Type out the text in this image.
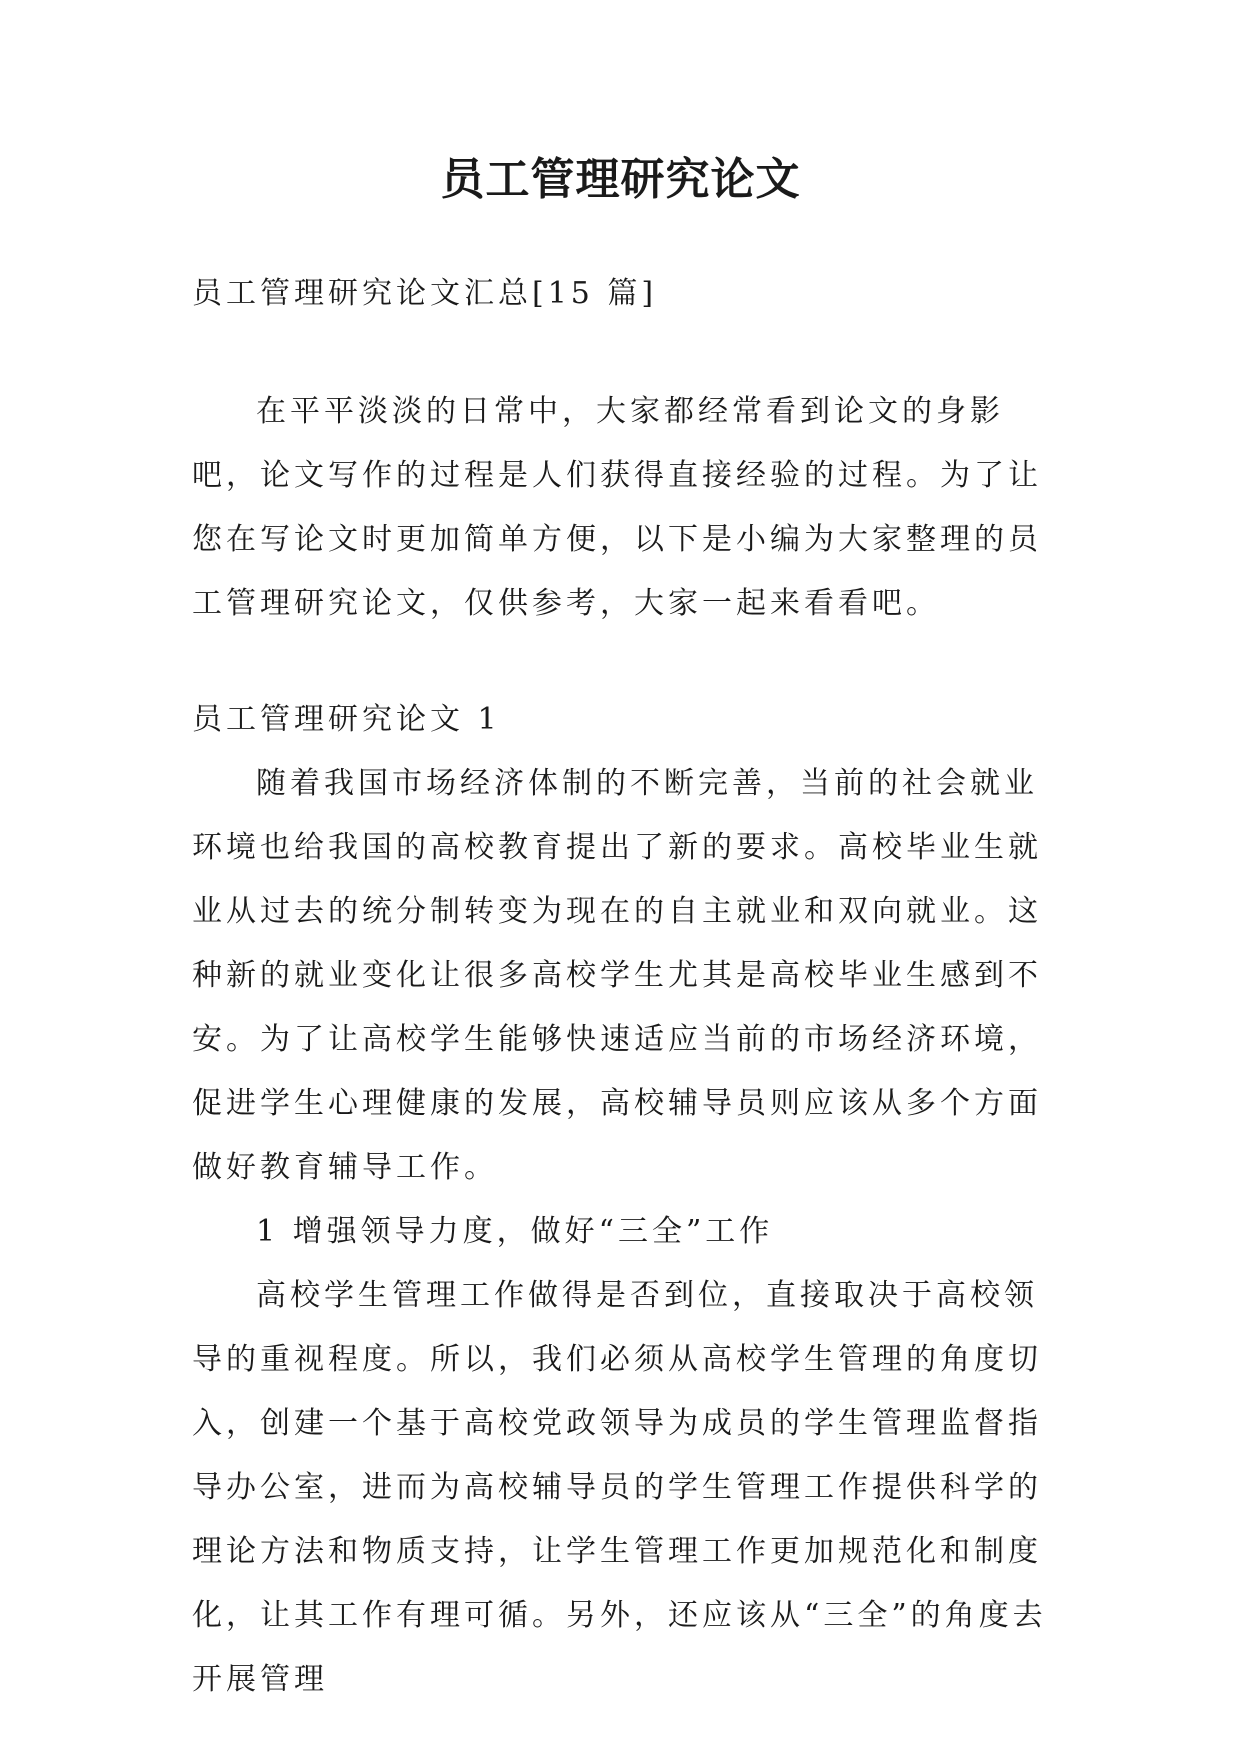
员工管理研究论文

员工管理研究论文汇总[15 篇]

在平平淡淡的日常中，大家都经常看到论文的身影吧，论文写作的过程是人们获得直接经验的过程。为了让您在写论文时更加简单方便，以下是小编为大家整理的员工管理研究论文，仅供参考，大家一起来看看吧。

员工管理研究论文 1

随着我国市场经济体制的不断完善，当前的社会就业环境也给我国的高校教育提出了新的要求。高校毕业生就业从过去的统分制转变为现在的自主就业和双向就业。这种新的就业变化让很多高校学生尤其是高校毕业生感到不安。为了让高校学生能够快速适应当前的市场经济环境，促进学生心理健康的发展，高校辅导员则应该从多个方面做好教育辅导工作。

1 增强领导力度，做好“三全”工作

高校学生管理工作做得是否到位，直接取决于高校领导的重视程度。所以，我们必须从高校学生管理的角度切入，创建一个基于高校党政领导为成员的学生管理监督指导办公室，进而为高校辅导员的学生管理工作提供科学的理论方法和物质支持，让学生管理工作更加规范化和制度化，让其工作有理可循。另外，还应该从“三全”的角度去开展管理
